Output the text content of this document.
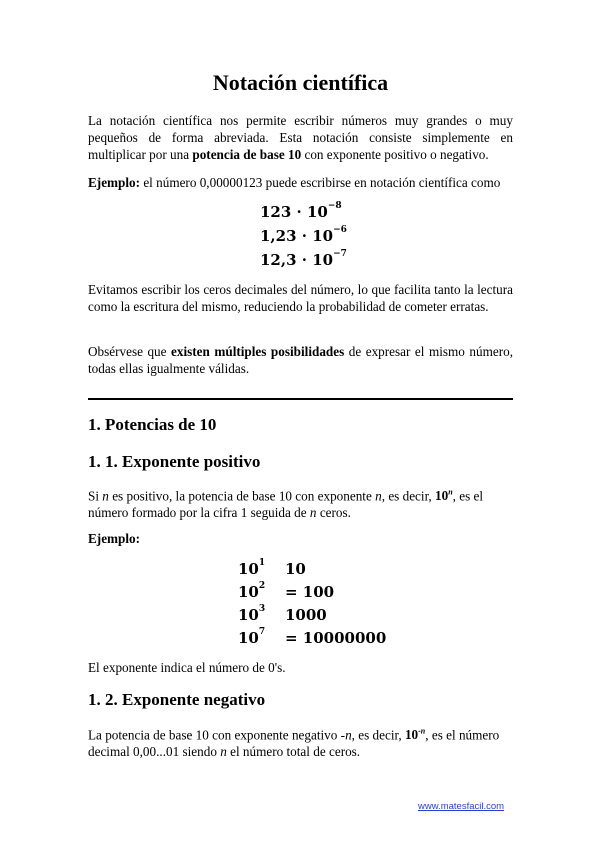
Notación científica

La notación científica nos permite escribir números muy grandes o muy pequeños de forma abreviada. Esta notación consiste simplemente en multiplicar por una potencia de base 10 con exponente positivo o negativo.

Ejemplo: el número 0,00000123 puede escribirse en notación científica como

$123 \cdot 10^{-8}$
$1,23 \cdot 10^{-6}$
$12,3 \cdot 10^{-7}$

Evitamos escribir los ceros decimales del número, lo que facilita tanto la lectura como la escritura del mismo, reduciendo la probabilidad de cometer erratas.

Obsérvese que existen múltiples posibilidades de expresar el mismo número, todas ellas igualmente válidas.

1. Potencias de 10
1. 1. Exponente positivo

Si n es positivo, la potencia de base 10 con exponente n, es decir, 10$^n$, es el número formado por la cifra 1 seguida de n ceros.

Ejemplo:

$10^1$ 10
$10^2 = 100$
$10^3$ 1000
$10^7 = 10000000$

El exponente indica el número de 0's.

1. 2. Exponente negativo

La potencia de base 10 con exponente negativo -n, es decir, $10^{-n}$, es el número decimal 0,00...01 siendo n el número total de ceros.

www.matesfacil.com
